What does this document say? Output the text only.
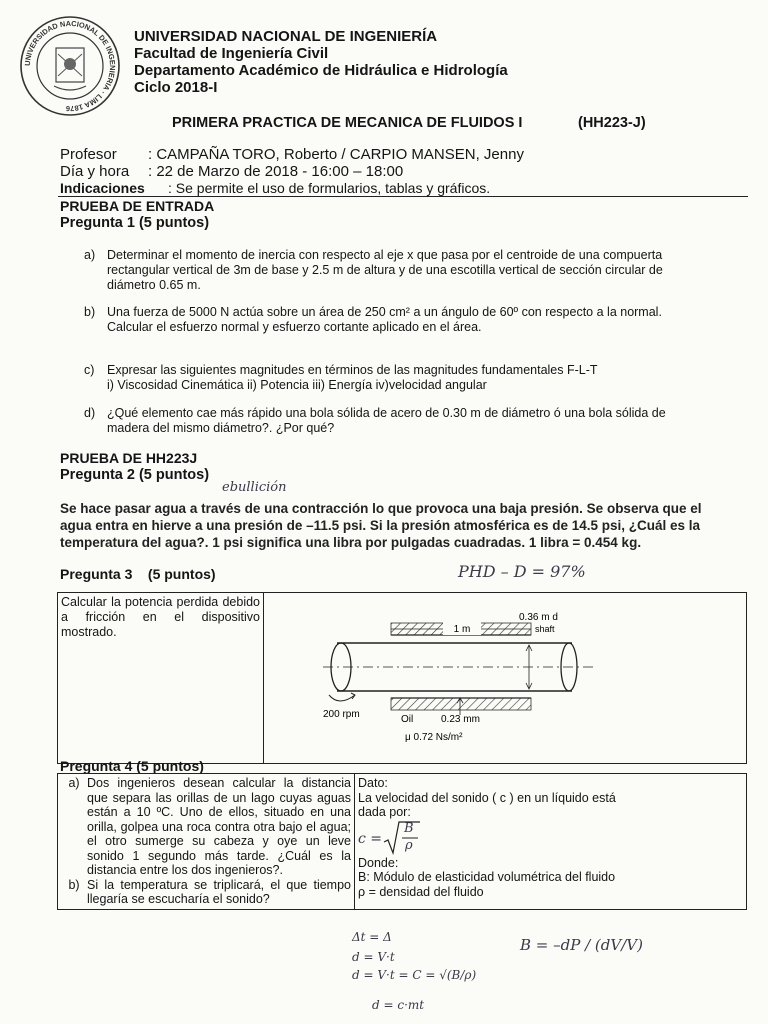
UNIVERSIDAD NACIONAL DE INGENIERIA · LIMA 1876
UNIVERSIDAD NACIONAL DE INGENIERÍA
Facultad de Ingeniería Civil
Departamento Académico de Hidráulica e Hidrología
Ciclo 2018-I
PRIMERA PRACTICA DE MECANICA DE FLUIDOS I	(HH223-J)
Profesor : CAMPAÑA TORO, Roberto / CARPIO MANSEN, Jenny
Día y hora : 22 de Marzo de 2018 - 16:00 – 18:00
Indicaciones : Se permite el uso de formularios, tablas y gráficos.
PRUEBA DE ENTRADA
Pregunta 1 (5 puntos)
a) Determinar el momento de inercia con respecto al eje x que pasa por el centroide de una compuerta
rectangular vertical de 3m de base y 2.5 m de altura y de una escotilla vertical de sección circular de
diámetro 0.65 m.
b) Una fuerza de 5000 N actúa sobre un área de 250 cm² a un ángulo de 60º con respecto a la normal.
Calcular el esfuerzo normal y esfuerzo cortante aplicado en el área.
c) Expresar las siguientes magnitudes en términos de las magnitudes fundamentales F-L-T
i) Viscosidad Cinemática ii) Potencia iii) Energía iv)velocidad angular
d) ¿Qué elemento cae más rápido una bola sólida de acero de 0.30 m de diámetro ó una bola sólida de
madera del mismo diámetro?. ¿Por qué?
PRUEBA DE HH223J
Pregunta 2 (5 puntos)
ebullición
Se hace pasar agua a través de una contracción lo que provoca una baja presión. Se observa que el
agua entra en hierve a una presión de –11.5 psi. Si la presión atmosférica es de 14.5 psi, ¿Cuál es la
temperatura del agua?. 1 psi significa una libra por pulgadas cuadradas. 1 libra = 0.454 kg.
Pregunta 3 (5 puntos)	PHD – D = 97%
Calcular la potencia perdida debido a fricción en el dispositivo mostrado.	1 m
0.36 m d
shaft
200 rpm	Oil	0.23 mm
μ 0.72 Ns/m²
Pregunta 4 (5 puntos)
a) Dos ingenieros desean calcular la distancia que separa las orillas de un lago cuyas aguas están a 10 ºC. Uno de ellos, situado en una orilla, golpea una roca contra otra bajo el agua; el otro sumerge su cabeza y oye un leve sonido 1 segundo más tarde. ¿Cuál es la distancia entre los dos ingenieros?.
b) Si la temperatura se triplicará, el que tiempo llegaría se escucharía el sonido?

Dato:
La velocidad del sonido ( c ) en un líquido está
dada por:
c =
B
ρ
Donde:
B: Módulo de elasticidad volumétrica del fluido
ρ = densidad del fluido
Δt = Δ
d = V·t
d = V·t = C = √(B/ρ)
B = –dP / (dV/V)
d = c·mt
